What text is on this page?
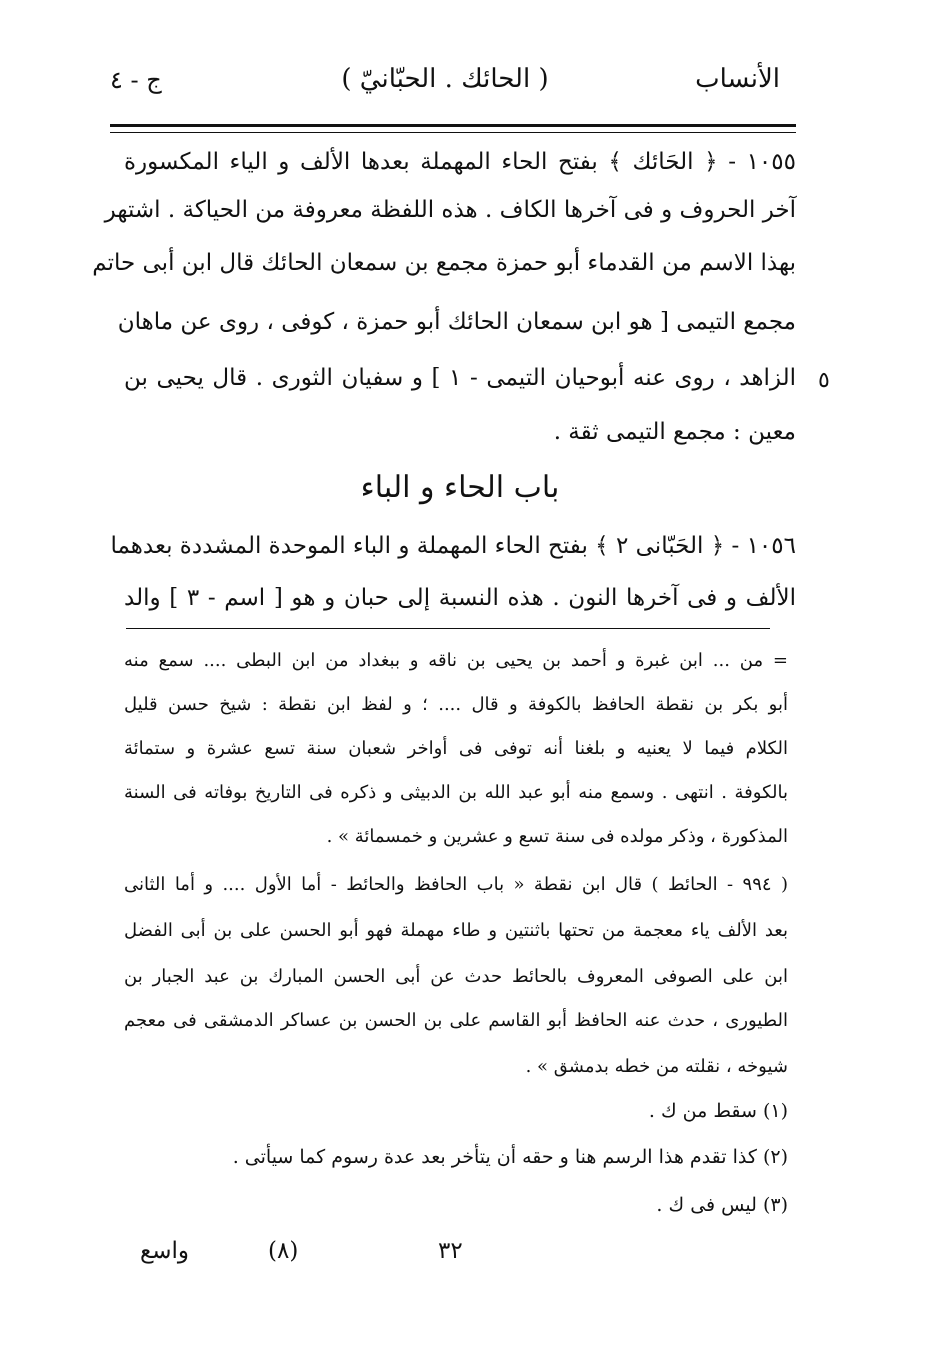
الأنساب
( الحائك . الحبّانيّ )
ج - ٤
١٠٥٥ - ﴿ الحَائك ﴾ بفتح الحاء المهملة بعدها الألف و الياء المكسورة
آخر الحروف و فى آخرها الكاف . هذه اللفظة معروفة من الحياكة . اشتهر
بهذا الاسم من القدماء أبو حمزة مجمع بن سمعان الحائك قال ابن أبى حاتم
مجمع التيمى [ هو ابن سمعان الحائك أبو حمزة ، كوفى ، روى عن ماهان
الزاهد ، روى عنه أبوحيان التيمى - ١ ] و سفيان الثورى . قال يحيى بن
معين : مجمع التيمى ثقة .
٥
باب الحاء و الباء
١٠٥٦ - ﴿ الحَبّانى ٢ ﴾ بفتح الحاء المهملة و الباء الموحدة المشددة بعدهما
الألف و فى آخرها النون . هذه النسبة إلى حبان و هو [ اسم - ٣ ] والد
= من ... ابن غبرة و أحمد بن يحيى بن ناقه و ببغداد من ابن البطى .... سمع منه
أبو بكر بن نقطة الحافظ بالكوفة و قال .... ؛ و لفظ ابن نقطة : شيخ حسن قليل
الكلام فيما لا يعنيه و بلغنا أنه توفى فى أواخر شعبان سنة تسع عشرة و ستمائة
بالكوفة . انتهى . وسمع منه أبو عبد الله بن الدبيثى و ذكره فى التاريخ بوفاته فى السنة
المذكورة ، وذكر مولده فى سنة تسع و عشرين و خمسمائة » .
( ٩٩٤ - الحائط ) قال ابن نقطة « باب الحافظ والحائط - أما الأول .... و أما الثانى
بعد الألف ياء معجمة من تحتها باثنتين و طاء مهملة فهو أبو الحسن على بن أبى الفضل
ابن على الصوفى المعروف بالحائط حدث عن أبى الحسن المبارك بن عبد الجبار بن
الطيورى ، حدث عنه الحافظ أبو القاسم على بن الحسن بن عساكر الدمشقى فى معجم
شيوخه ، نقلته من خطه بدمشق » .
(١) سقط من ك .
(٢) كذا تقدم هذا الرسم هنا و حقه أن يتأخر بعد عدة رسوم كما سيأتى .
(٣) ليس فى ك .
واسع	(٨)	٣٢
